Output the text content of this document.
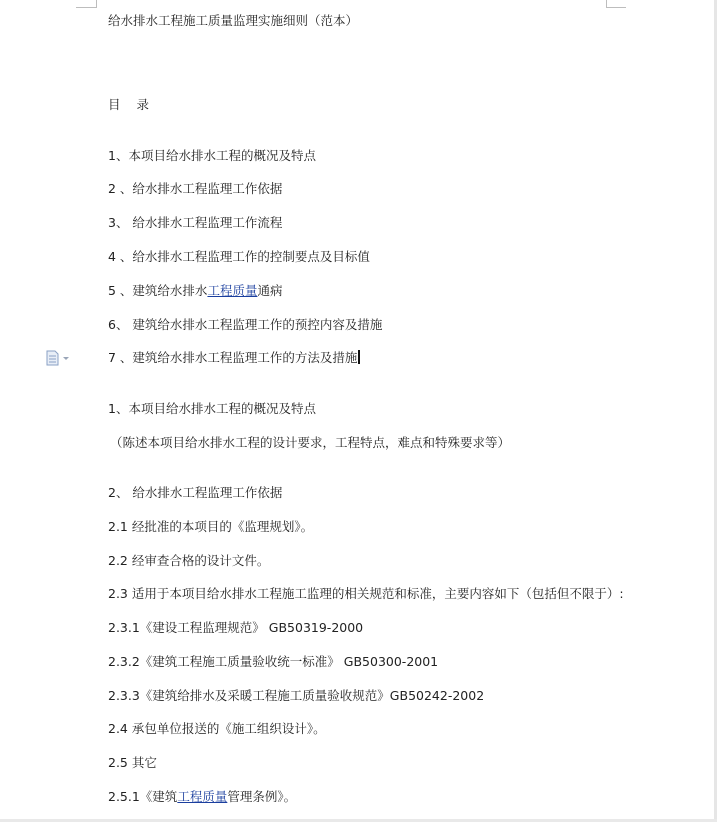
给水排水工程施工质量监理实施细则（范本）
目 录
1、本项目给水排水工程的概况及特点
2 、给水排水工程监理工作依据
3、 给水排水工程监理工作流程
4 、给水排水工程监理工作的控制要点及目标值
5 、建筑给水排水工程质量通病
6、 建筑给水排水工程监理工作的预控内容及措施
7 、建筑给水排水工程监理工作的方法及措施
1、本项目给水排水工程的概况及特点
（陈述本项目给水排水工程的设计要求，工程特点，难点和特殊要求等）
2、 给水排水工程监理工作依据
2.1 经批准的本项目的《监理规划》。
2.2 经审查合格的设计文件。
2.3 适用于本项目给水排水工程施工监理的相关规范和标准，主要内容如下（包括但不限于）:
2.3.1《建设工程监理规范》 GB50319-2000
2.3.2《建筑工程施工质量验收统一标准》 GB50300-2001
2.3.3《建筑给排水及采暖工程施工质量验收规范》GB50242-2002
2.4 承包单位报送的《施工组织设计》。
2.5 其它
2.5.1《建筑工程质量管理条例》。
